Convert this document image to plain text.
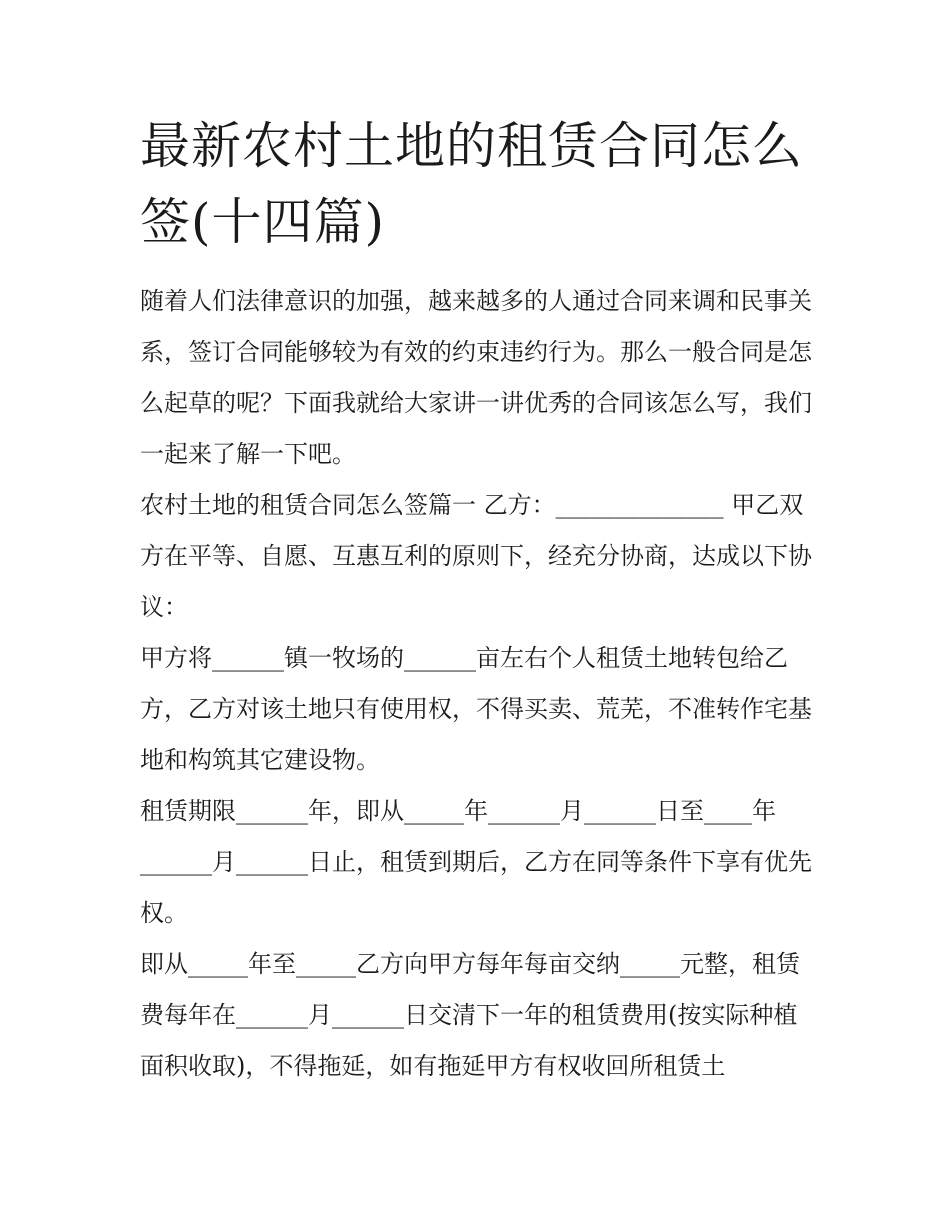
最新农村土地的租赁合同怎么签(十四篇)

随着人们法律意识的加强，越来越多的人通过合同来调和民事关系，签订合同能够较为有效的约束违约行为。那么一般合同是怎么起草的呢？下面我就给大家讲一讲优秀的合同该怎么写，我们一起来了解一下吧。

农村土地的租赁合同怎么签篇一 乙方：______________ 甲乙双方在平等、自愿、互惠互利的原则下，经充分协商，达成以下协议：

甲方将______镇一牧场的______亩左右个人租赁土地转包给乙方，乙方对该土地只有使用权，不得买卖、荒芜，不准转作宅基地和构筑其它建设物。

租赁期限______年，即从_____年______月______日至____年______月______日止，租赁到期后，乙方在同等条件下享有优先权。

即从_____年至_____乙方向甲方每年每亩交纳_____元整，租赁费每年在______月______日交清下一年的租赁费用(按实际种植面积收取)，不得拖延，如有拖延甲方有权收回所租赁土
